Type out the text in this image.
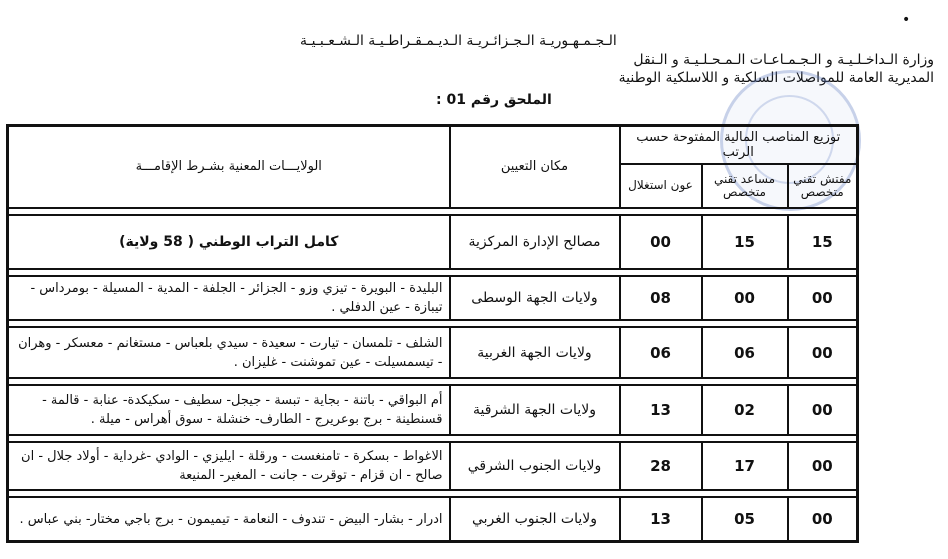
•
الـجـمـهـوريـة الـجـزائـريـة الـديـمـقـراطـيـة الـشـعـبـيـة
وزارة الـداخـلـيـة و الـجـمـاعـات الـمـحـلـيـة و الـنقل
المديرية العامة للمواصلات السلكية و اللاسلكية الوطنية
الملحق رقم 01 :
توزيع المناصب المالية المفتوحة حسب الرتب			مكان التعيين	الولايـــات المعنية بشـرط الإقامـــة
مفتش تقني متخصص	مساعد تقني متخصص	عون استغلال		

15	15	00	مصالح الإدارة المركزية	كامل التراب الوطني ( 58 ولاية)

00	00	08	ولايات الجهة الوسطى	البليدة - البويرة - تيزي وزو - الجزائر - الجلفة - المدية - المسيلة - بومرداس - تيبازة - عين الدفلي .

00	06	06	ولايات الجهة الغربية	الشلف - تلمسان - تيارت - سعيدة - سيدي بلعباس - مستغانم - معسكر - وهران - تيسمسيلت - عين تموشنت - غليزان .

00	02	13	ولايات الجهة الشرقية	أم البواقي - باتنة - بجاية - تبسة - جيجل- سطيف - سكيكدة- عنابة - قالمة - قسنطينة - برج بوعريرج - الطارف- خنشلة - سوق أهراس - ميلة .

00	17	28	ولايات الجنوب الشرقي	الاغواط - بسكرة - تامنغست - ورقلة - ايليزي - الوادي -غرداية - أولاد جلال - ان صالح - ان قزام - توقرت - جانت - المغير- المنيعة

00	05	13	ولايات الجنوب الغربي	ادرار - بشار- البيض - تندوف - النعامة - تيميمون - برج باجي مختار- بني عباس .
